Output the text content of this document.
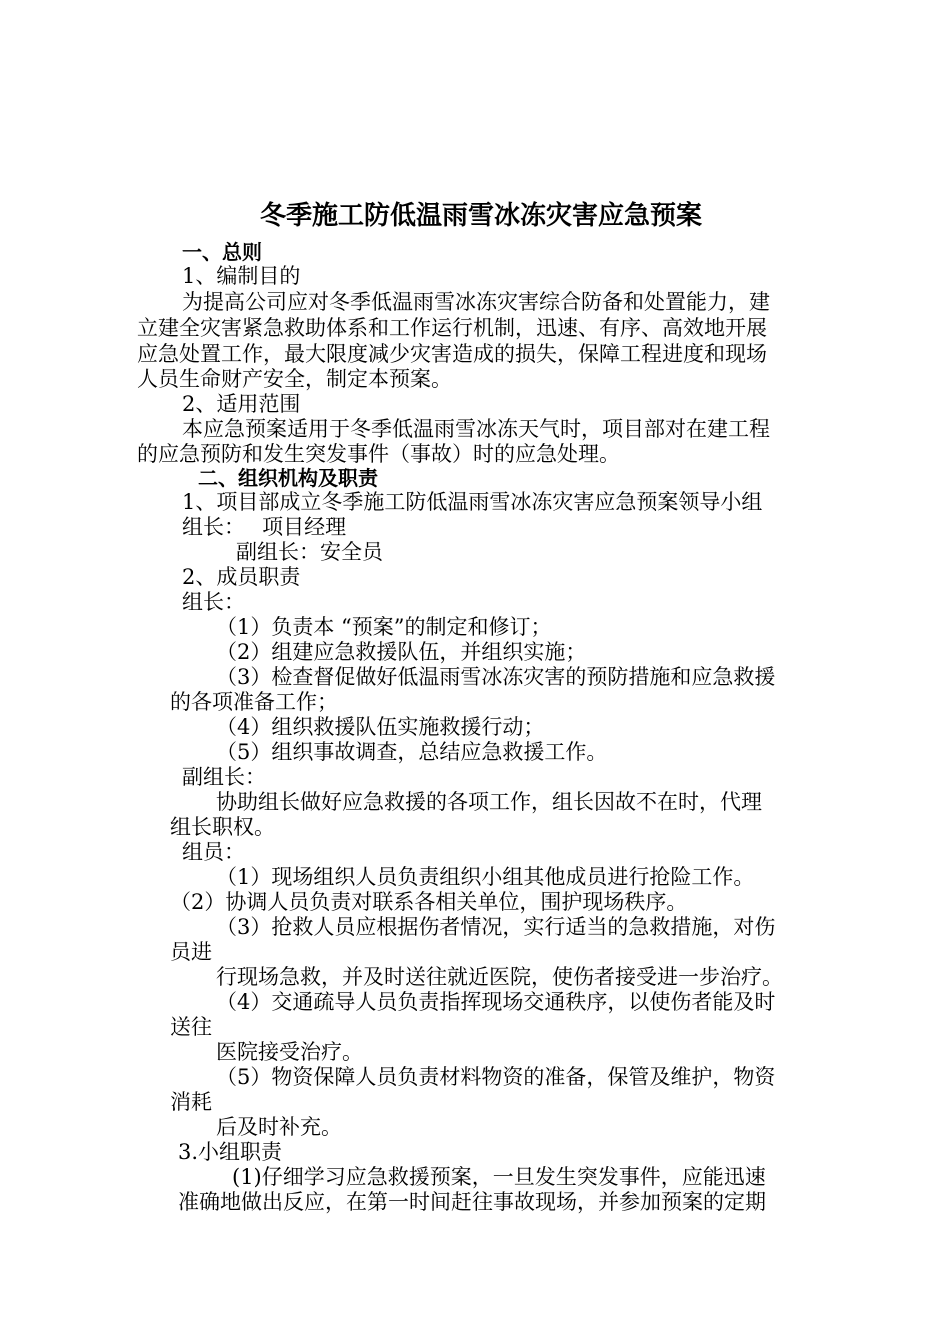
冬季施工防低温雨雪冰冻灾害应急预案
一、总则
1、编制目的
为提高公司应对冬季低温雨雪冰冻灾害综合防备和处置能力，建
立建全灾害紧急救助体系和工作运行机制，迅速、有序、高效地开展
应急处置工作，最大限度减少灾害造成的损失，保障工程进度和现场
人员生命财产安全，制定本预案。
2、适用范围
本应急预案适用于冬季低温雨雪冰冻天气时，项目部对在建工程
的应急预防和发生突发事件（事故）时的应急处理。
二、组织机构及职责
1、项目部成立冬季施工防低温雨雪冰冻灾害应急预案领导小组
组长：　 项目经理
副组长：安全员
2、成员职责
组长：
（1）负责本 “预案”的制定和修订；
（2）组建应急救援队伍，并组织实施；
（3）检查督促做好低温雨雪冰冻灾害的预防措施和应急救援
的各项准备工作；
（4）组织救援队伍实施救援行动；
（5）组织事故调查，总结应急救援工作。
副组长：
协助组长做好应急救援的各项工作，组长因故不在时，代理
组长职权。
组员：
（1）现场组织人员负责组织小组其他成员进行抢险工作。
（2）协调人员负责对联系各相关单位，围护现场秩序。
（3）抢救人员应根据伤者情况，实行适当的急救措施，对伤
员进
行现场急救，并及时送往就近医院，使伤者接受进一步治疗。
（4）交通疏导人员负责指挥现场交通秩序，以使伤者能及时
送往
医院接受治疗。
（5）物资保障人员负责材料物资的准备，保管及维护，物资
消耗
后及时补充。
3.小组职责
(1)仔细学习应急救援预案，一旦发生突发事件，应能迅速
准确地做出反应，在第一时间赶往事故现场，并参加预案的定期
